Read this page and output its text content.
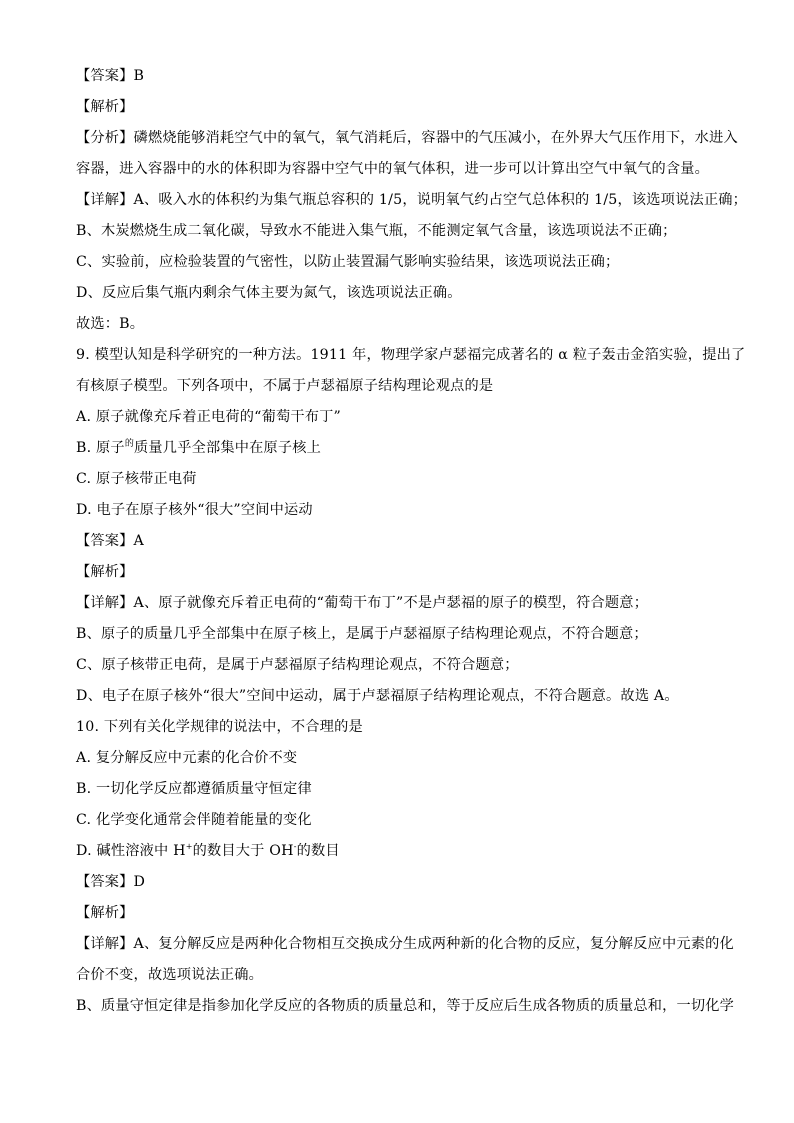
【答案】B
【解析】
【分析】磷燃烧能够消耗空气中的氧气，氧气消耗后，容器中的气压减小，在外界大气压作用下，水进入
容器，进入容器中的水的体积即为容器中空气中的氧气体积，进一步可以计算出空气中氧气的含量。
【详解】A、吸入水的体积约为集气瓶总容积的 1/5，说明氧气约占空气总体积的 1/5，该选项说法正确；
B、木炭燃烧生成二氧化碳，导致水不能进入集气瓶，不能测定氧气含量，该选项说法不正确；
C、实验前，应检验装置的气密性，以防止装置漏气影响实验结果，该选项说法正确；
D、反应后集气瓶内剩余气体主要为氮气，该选项说法正确。
故选：B。
9. 模型认知是科学研究的一种方法。1911 年，物理学家卢瑟福完成著名的 α 粒子轰击金箔实验，提出了
有核原子模型。下列各项中，不属于卢瑟福原子结构理论观点的是
A. 原子就像充斥着正电荷的“葡萄干布丁”
B. 原子$^的$质量几乎全部集中在原子核上
C. 原子核带正电荷
D. 电子在原子核外“很大”空间中运动
【答案】A
【解析】
【详解】A、原子就像充斥着正电荷的“葡萄干布丁”不是卢瑟福的原子的模型，符合题意；
B、原子的质量几乎全部集中在原子核上，是属于卢瑟福原子结构理论观点，不符合题意；
C、原子核带正电荷，是属于卢瑟福原子结构理论观点，不符合题意；
D、电子在原子核外“很大”空间中运动，属于卢瑟福原子结构理论观点，不符合题意。故选 A。
10. 下列有关化学规律的说法中，不合理的是
A. 复分解反应中元素的化合价不变
B. 一切化学反应都遵循质量守恒定律
C. 化学变化通常会伴随着能量的变化
D. 碱性溶液中 H+的数目大于 OH-的数目
【答案】D
【解析】
【详解】A、复分解反应是两种化合物相互交换成分生成两种新的化合物的反应，复分解反应中元素的化
合价不变，故选项说法正确。
B、质量守恒定律是指参加化学反应的各物质的质量总和，等于反应后生成各物质的质量总和，一切化学
